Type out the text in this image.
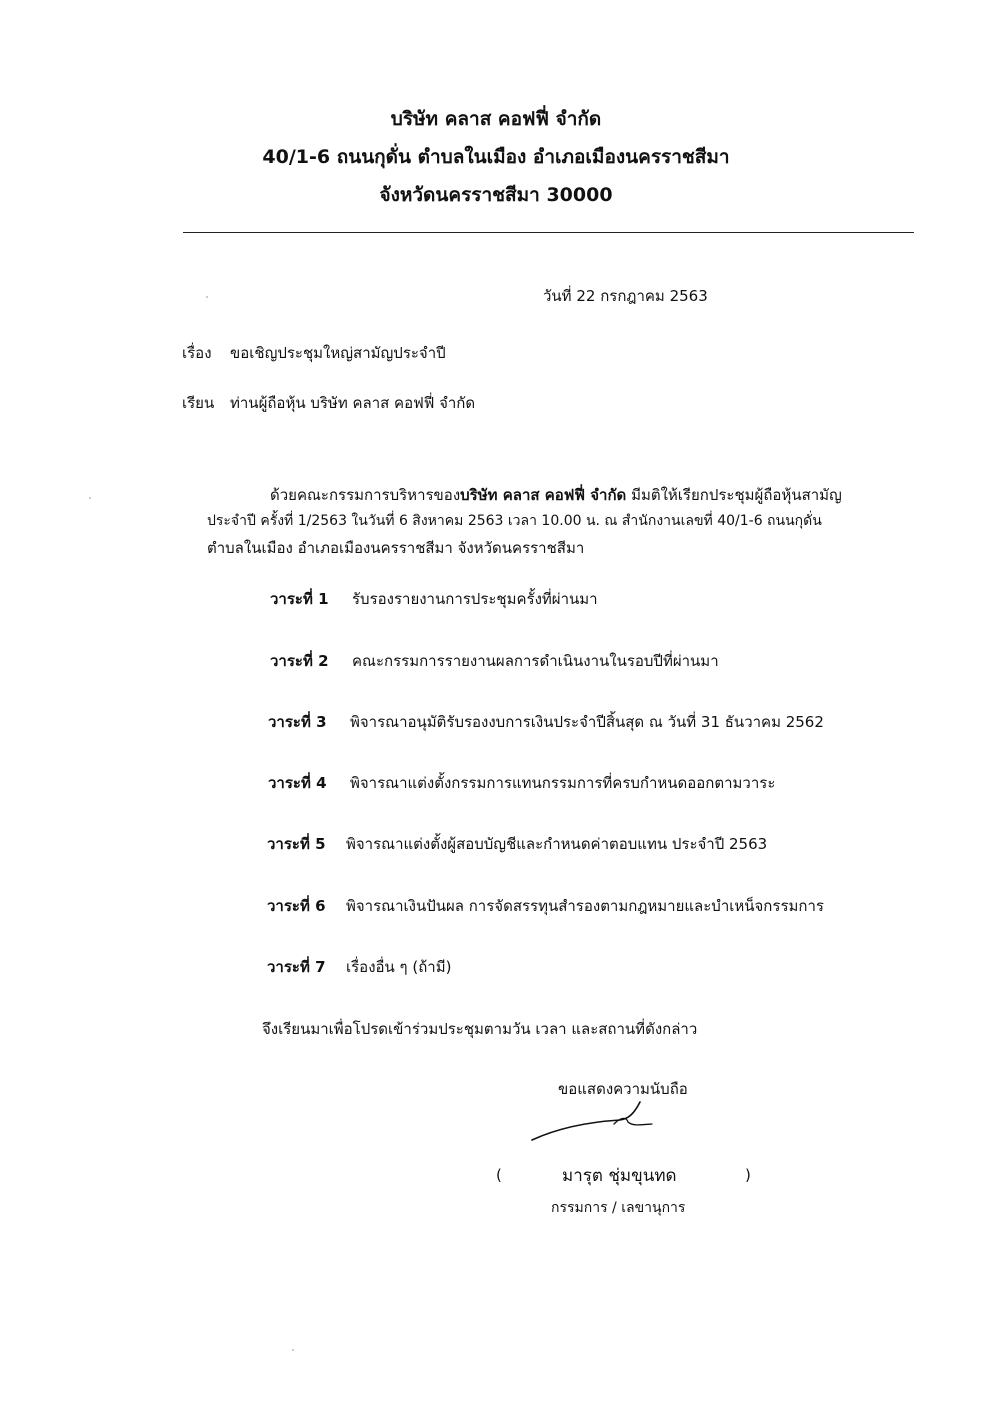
บริษัท คลาส คอฟฟี่ จำกัด
40/1-6 ถนนกุดั่น ตำบลในเมือง อำเภอเมืองนครราชสีมา
จังหวัดนครราชสีมา 30000
วันที่ 22 กรกฎาคม 2563
เรื่อง ขอเชิญประชุมใหญ่สามัญประจำปี
เรียน ท่านผู้ถือหุ้น บริษัท คลาส คอฟฟี่ จำกัด
ด้วยคณะกรรมการบริหารของบริษัท คลาส คอฟฟี่ จำกัด มีมติให้เรียกประชุมผู้ถือหุ้นสามัญ
ประจำปี ครั้งที่ 1/2563 ในวันที่ 6 สิงหาคม 2563 เวลา 10.00 น. ณ สำนักงานเลขที่ 40/1-6 ถนนกุดั่น
ตำบลในเมือง อำเภอเมืองนครราชสีมา จังหวัดนครราชสีมา
วาระที่ 1 รับรองรายงานการประชุมครั้งที่ผ่านมา
วาระที่ 2 คณะกรรมการรายงานผลการดำเนินงานในรอบปีที่ผ่านมา
วาระที่ 3 พิจารณาอนุมัติรับรองงบการเงินประจำปีสิ้นสุด ณ วันที่ 31 ธันวาคม 2562
วาระที่ 4 พิจารณาแต่งตั้งกรรมการแทนกรรมการที่ครบกำหนดออกตามวาระ
วาระที่ 5 พิจารณาแต่งตั้งผู้สอบบัญชีและกำหนดค่าตอบแทน ประจำปี 2563
วาระที่ 6 พิจารณาเงินปันผล การจัดสรรทุนสำรองตามกฎหมายและบำเหน็จกรรมการ
วาระที่ 7 เรื่องอื่น ๆ (ถ้ามี)
จึงเรียนมาเพื่อโปรดเข้าร่วมประชุมตามวัน เวลา และสถานที่ดังกล่าว
ขอแสดงความนับถือ
(	มารุต ชุ่มขุนทด	)
กรรมการ / เลขานุการ
